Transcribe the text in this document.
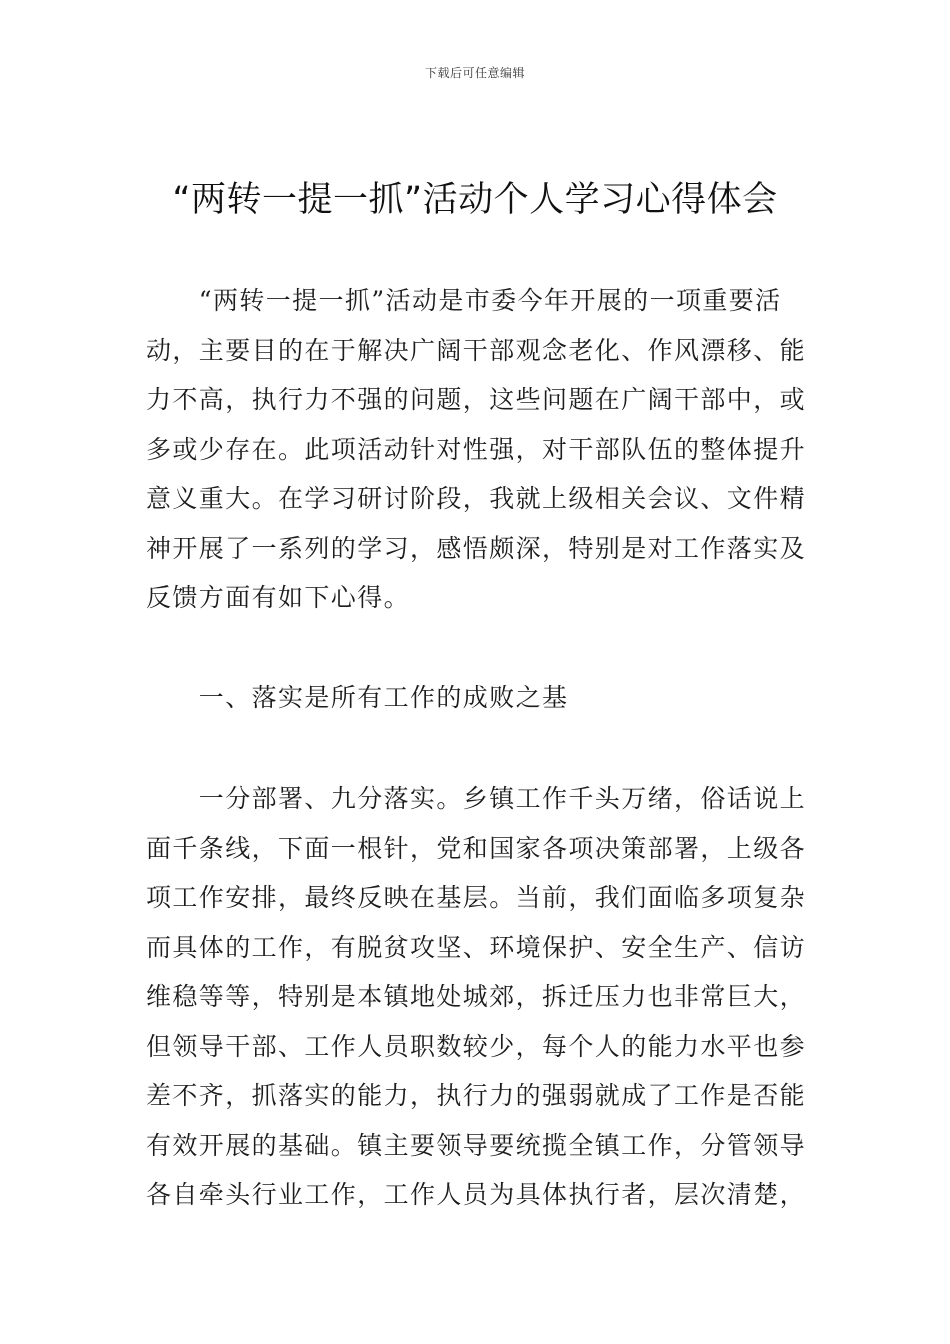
下载后可任意编辑
“两转一提一抓”活动个人学习心得体会
　　“两转一提一抓”活动是市委今年开展的一项重要活
动，主要目的在于解决广阔干部观念老化、作风漂移、能
力不高，执行力不强的问题，这些问题在广阔干部中，或
多或少存在。此项活动针对性强，对干部队伍的整体提升
意义重大。在学习研讨阶段，我就上级相关会议、文件精
神开展了一系列的学习，感悟颇深，特别是对工作落实及
反馈方面有如下心得。
　　一、落实是所有工作的成败之基
　　一分部署、九分落实。乡镇工作千头万绪，俗话说上
面千条线，下面一根针，党和国家各项决策部署，上级各
项工作安排，最终反映在基层。当前，我们面临多项复杂
而具体的工作，有脱贫攻坚、环境保护、安全生产、信访
维稳等等，特别是本镇地处城郊，拆迁压力也非常巨大，
但领导干部、工作人员职数较少，每个人的能力水平也参
差不齐，抓落实的能力，执行力的强弱就成了工作是否能
有效开展的基础。镇主要领导要统揽全镇工作，分管领导
各自牵头行业工作，工作人员为具体执行者，层次清楚，
